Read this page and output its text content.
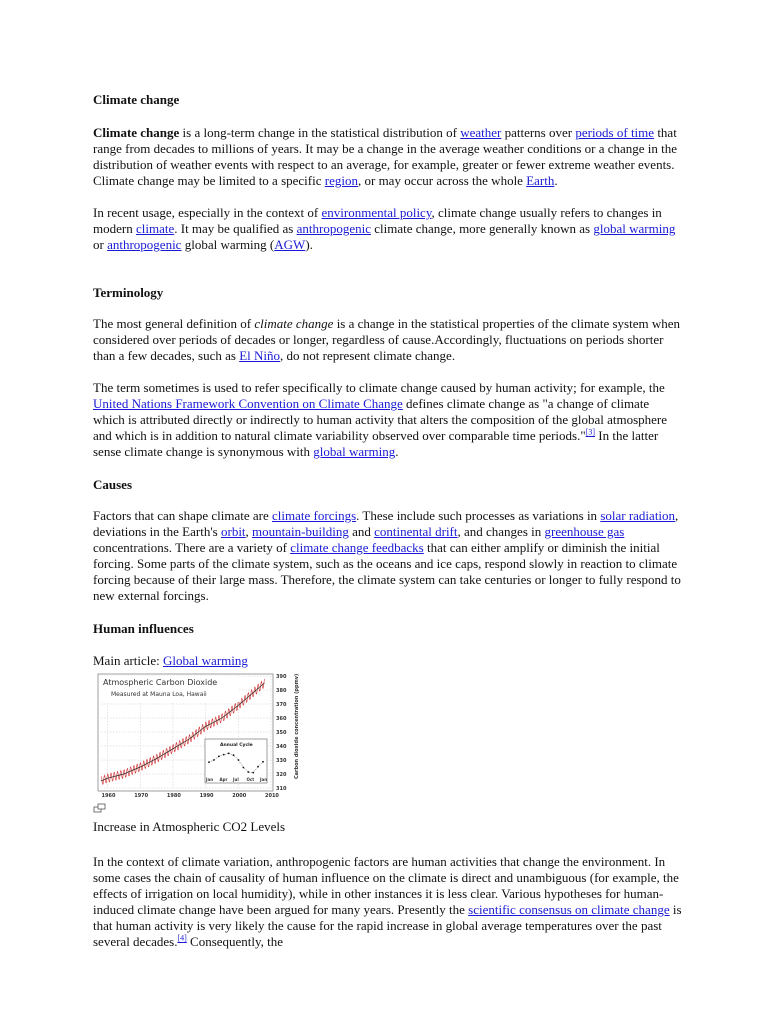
Climate change

Climate change is a long-term change in the statistical distribution of weather patterns over periods of time that range from decades to millions of years. It may be a change in the average weather conditions or a change in the distribution of weather events with respect to an average, for example, greater or fewer extreme weather events. Climate change may be limited to a specific region, or may occur across the whole Earth.

In recent usage, especially in the context of environmental policy, climate change usually refers to changes in modern climate. It may be qualified as anthropogenic climate change, more generally known as global warming or anthropogenic global warming (AGW).

Terminology

The most general definition of climate change is a change in the statistical properties of the climate system when considered over periods of decades or longer, regardless of cause.Accordingly, fluctuations on periods shorter than a few decades, such as El Niño, do not represent climate change.

The term sometimes is used to refer specifically to climate change caused by human activity; for example, the United Nations Framework Convention on Climate Change defines climate change as "a change of climate which is attributed directly or indirectly to human activity that alters the composition of the global atmosphere and which is in addition to natural climate variability observed over comparable time periods."[3] In the latter sense climate change is synonymous with global warming.

Causes

Factors that can shape climate are climate forcings. These include such processes as variations in solar radiation, deviations in the Earth's orbit, mountain-building and continental drift, and changes in greenhouse gas concentrations. There are a variety of climate change feedbacks that can either amplify or diminish the initial forcing. Some parts of the climate system, such as the oceans and ice caps, respond slowly in reaction to climate forcing because of their large mass. Therefore, the climate system can take centuries or longer to fully respond to new external forcings.

Human influences
Main article: Global warming
Atmospheric Carbon Dioxide
Measured at Mauna Loa, Hawaii
310
320
330
340
350
360
370
380
390
1960	1970	1980	1990	2000	2010
Carbon dioxide concentration (ppmv)
Annual Cycle
Jan Apr Jul Oct Jan
Increase in Atmospheric CO2 Levels

In the context of climate variation, anthropogenic factors are human activities that change the environment. In some cases the chain of causality of human influence on the climate is direct and unambiguous (for example, the effects of irrigation on local humidity), while in other instances it is less clear. Various hypotheses for human-induced climate change have been argued for many years. Presently the scientific consensus on climate change is that human activity is very likely the cause for the rapid increase in global average temperatures over the past several decades.[4] Consequently, the
